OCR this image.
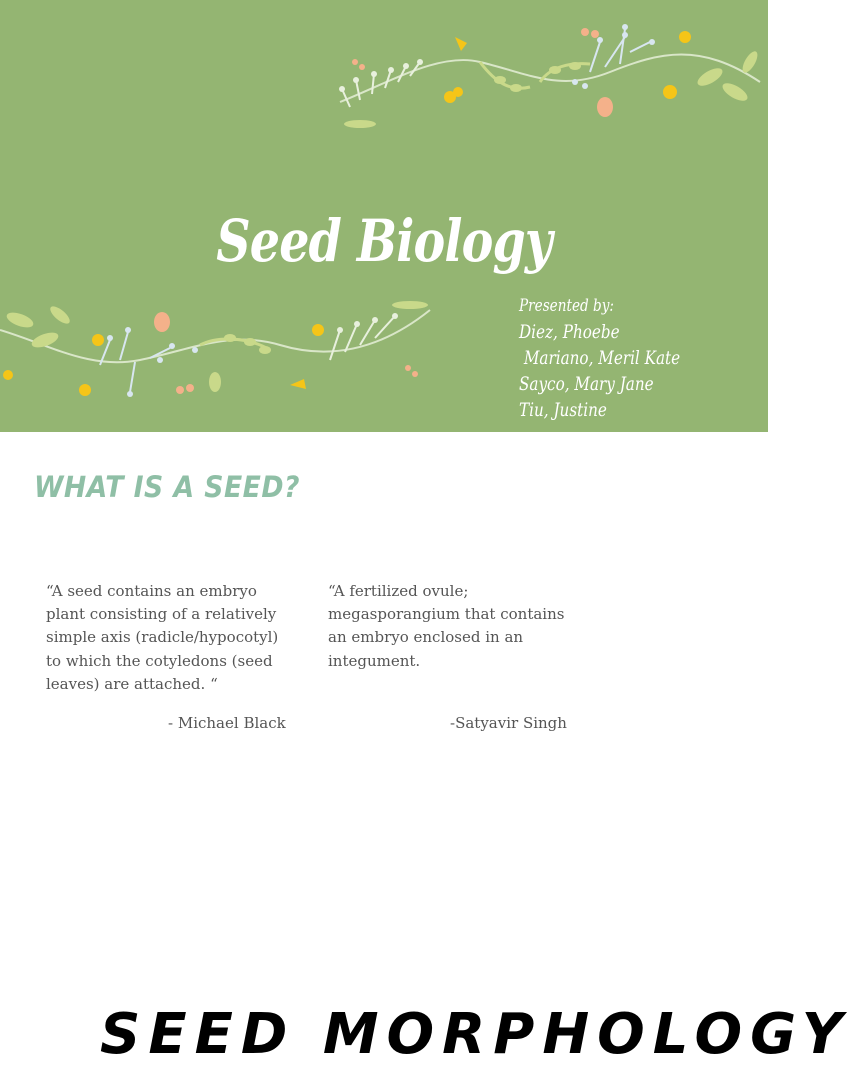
Seed Biology
Presented by:
Diez, Phoebe
Mariano, Meril Kate
Sayco, Mary Jane
Tiu, Justine
WHAT IS A SEED?

“A seed contains an embryo plant consisting of a relatively simple axis (radicle/hypocotyl) to which the cotyledons (seed leaves) are attached. “

“A fertilized ovule; megasporangium that contains an embryo enclosed in an integument.

- Michael Black	-Satyavir Singh
SEED MORPHOLOGY
